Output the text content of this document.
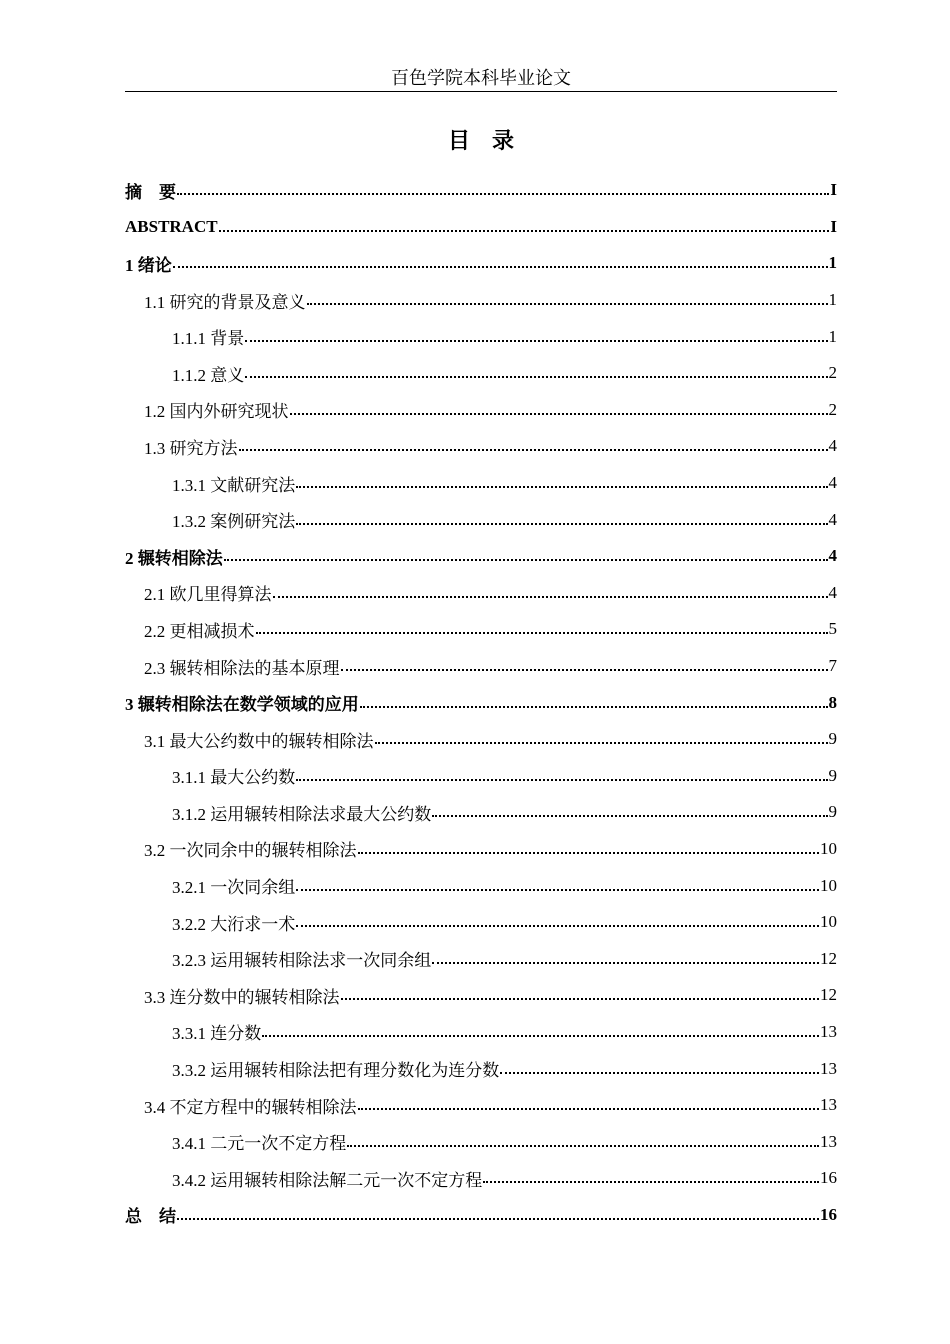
百色学院本科毕业论文
目录
摘要	I
ABSTRACT	I
1 绪论	1
1.1 研究的背景及意义	1
1.1.1 背景	1
1.1.2 意义	2
1.2 国内外研究现状	2
1.3 研究方法	4
1.3.1 文献研究法	4
1.3.2 案例研究法	4
2 辗转相除法	4
2.1 欧几里得算法	4
2.2 更相减损术	5
2.3 辗转相除法的基本原理	7
3 辗转相除法在数学领域的应用	8
3.1 最大公约数中的辗转相除法	9
3.1.1 最大公约数	9
3.1.2 运用辗转相除法求最大公约数	9
3.2 一次同余中的辗转相除法	10
3.2.1 一次同余组	10
3.2.2 大洐求一术	10
3.2.3 运用辗转相除法求一次同余组	12
3.3 连分数中的辗转相除法	12
3.3.1 连分数	13
3.3.2 运用辗转相除法把有理分数化为连分数	13
3.4 不定方程中的辗转相除法	13
3.4.1 二元一次不定方程	13
3.4.2 运用辗转相除法解二元一次不定方程	16
总结	16
